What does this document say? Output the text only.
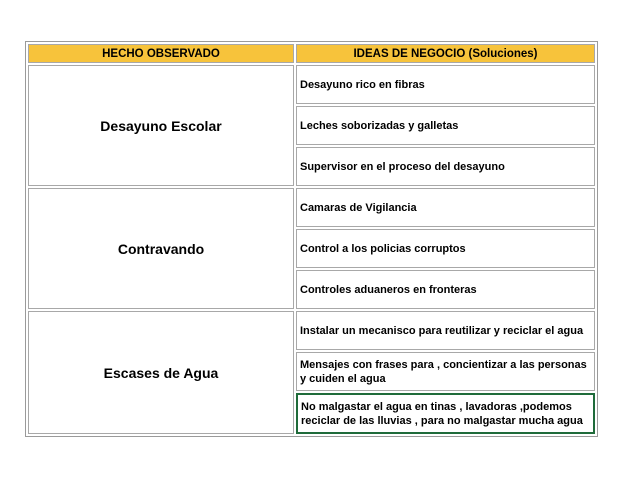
HECHO OBSERVADO	IDEAS DE NEGOCIO (Soluciones)
Desayuno Escolar	Desayuno rico en fibras
	Leches soborizadas y galletas
	Supervisor en el proceso del desayuno
Contravando	Camaras de Vigilancia
	Control a los policias corruptos
	Controles aduaneros en fronteras
Escases de Agua	Instalar un mecanisco para reutilizar y reciclar el agua
	Mensajes con frases para , concientizar a las personas y cuiden el agua
	No malgastar el agua en tinas , lavadoras ,podemos reciclar de las lluvias , para no malgastar mucha agua
